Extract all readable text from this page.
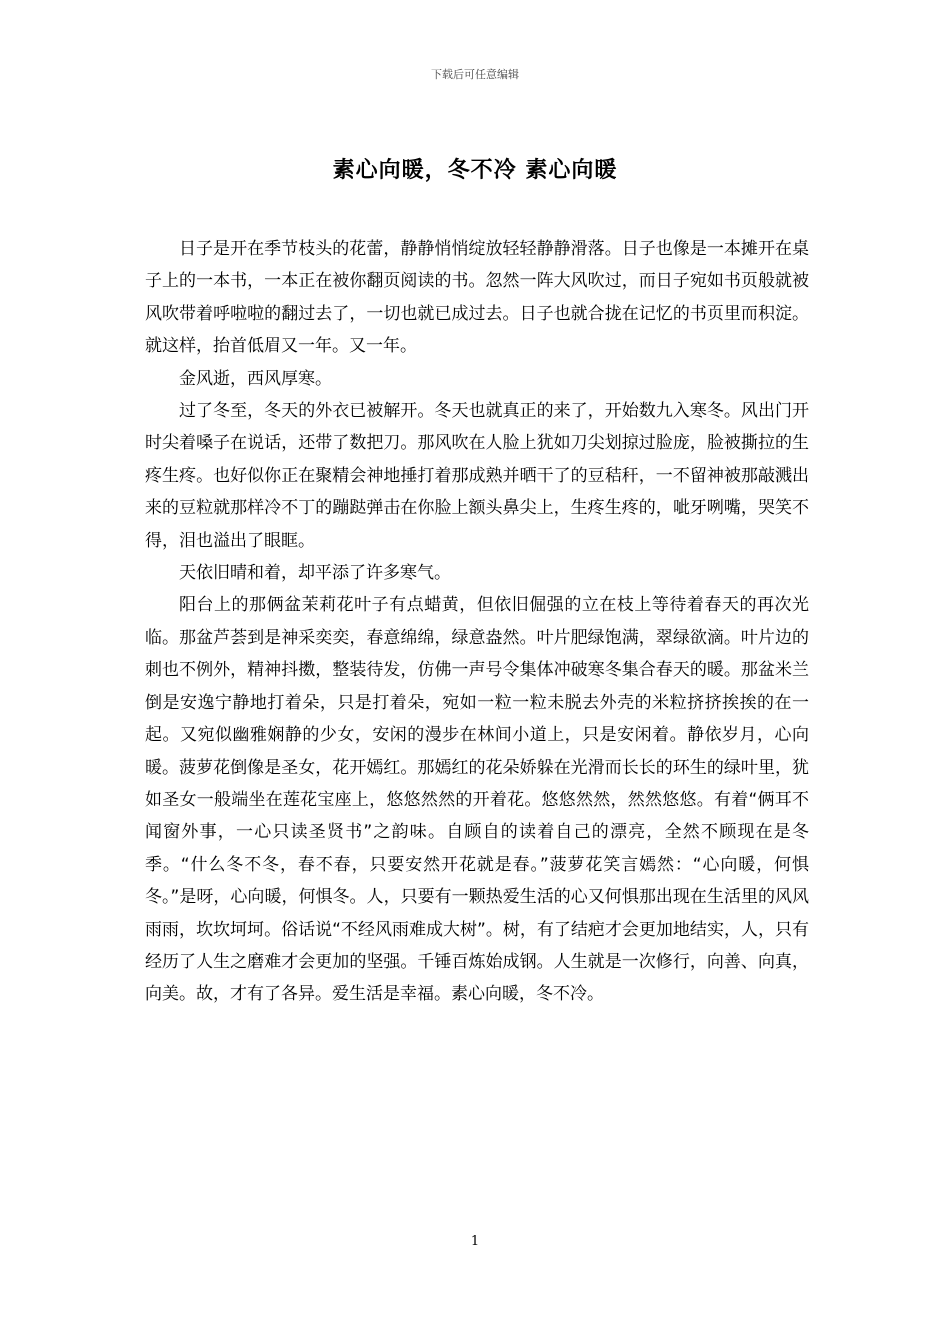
下载后可任意编辑
素心向暖，冬不冷 素心向暖

日子是开在季节枝头的花蕾，静静悄悄绽放轻轻静静滑落。日子也像是一本摊开在桌子上的一本书，一本正在被你翻页阅读的书。忽然一阵大风吹过，而日子宛如书页般就被风吹带着呼啦啦的翻过去了，一切也就已成过去。日子也就合拢在记忆的书页里而积淀。就这样，抬首低眉又一年。又一年。

金风逝，西风厚寒。

过了冬至，冬天的外衣已被解开。冬天也就真正的来了，开始数九入寒冬。风出门开时尖着嗓子在说话，还带了数把刀。那风吹在人脸上犹如刀尖划掠过脸庞，脸被撕拉的生疼生疼。也好似你正在聚精会神地捶打着那成熟并晒干了的豆秸秆，一不留神被那敲溅出来的豆粒就那样冷不丁的蹦跶弹击在你脸上额头鼻尖上，生疼生疼的，呲牙咧嘴，哭笑不得，泪也溢出了眼眶。

天依旧晴和着，却平添了许多寒气。

阳台上的那俩盆茉莉花叶子有点蜡黄，但依旧倔强的立在枝上等待着春天的再次光临。那盆芦荟到是神采奕奕，春意绵绵，绿意盎然。叶片肥绿饱满，翠绿欲滴。叶片边的刺也不例外，精神抖擞，整装待发，仿佛一声号令集体冲破寒冬集合春天的暖。那盆米兰倒是安逸宁静地打着朵，只是打着朵，宛如一粒一粒未脱去外壳的米粒挤挤挨挨的在一起。又宛似幽雅娴静的少女，安闲的漫步在林间小道上，只是安闲着。静依岁月，心向暖。菠萝花倒像是圣女，花开嫣红。那嫣红的花朵娇躲在光滑而长长的环生的绿叶里，犹如圣女一般端坐在莲花宝座上，悠悠然然的开着花。悠悠然然，然然悠悠。有着“俩耳不闻窗外事，一心只读圣贤书”之韵味。自顾自的读着自己的漂亮，全然不顾现在是冬季。“什么冬不冬，春不春，只要安然开花就是春。”菠萝花笑言嫣然：“心向暖，何惧冬。”是呀，心向暖，何惧冬。人，只要有一颗热爱生活的心又何惧那出现在生活里的风风雨雨，坎坎坷坷。俗话说“不经风雨难成大树”。树，有了结疤才会更加地结实，人，只有经历了人生之磨难才会更加的坚强。千锤百炼始成钢。人生就是一次修行，向善、向真，向美。故，才有了各异。爱生活是幸福。素心向暖，冬不冷。

1
